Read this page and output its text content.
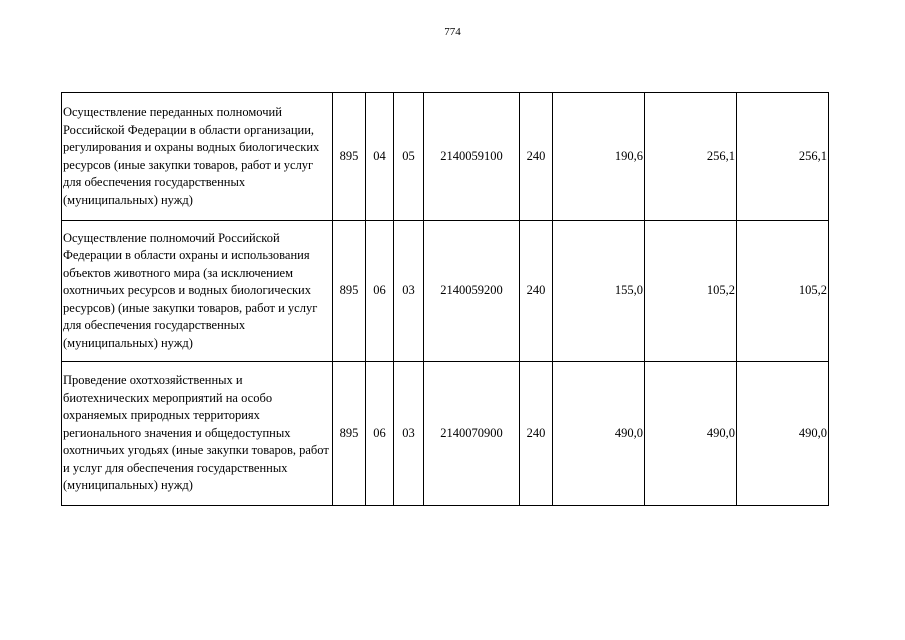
774
Осуществление переданных полномочий Российской Федерации в области организации, регулирования и охраны водных биологических ресурсов (иные закупки товаров, работ и услуг для обеспечения государственных (муниципальных) нужд)	895	04	05	2140059100	240	190,6	256,1	256,1
Осуществление полномочий Российской Федерации в области охраны и использования объектов животного мира (за исключением охотничьих ресурсов и водных биологических ресурсов) (иные закупки товаров, работ и услуг для обеспечения государственных (муниципальных) нужд)	895	06	03	2140059200	240	155,0	105,2	105,2
Проведение охотхозяйственных и биотехнических мероприятий на особо охраняемых природных территориях регионального значения и общедоступных охотничьих угодьях (иные закупки товаров, работ и услуг для обеспечения государственных (муниципальных) нужд)	895	06	03	2140070900	240	490,0	490,0	490,0
